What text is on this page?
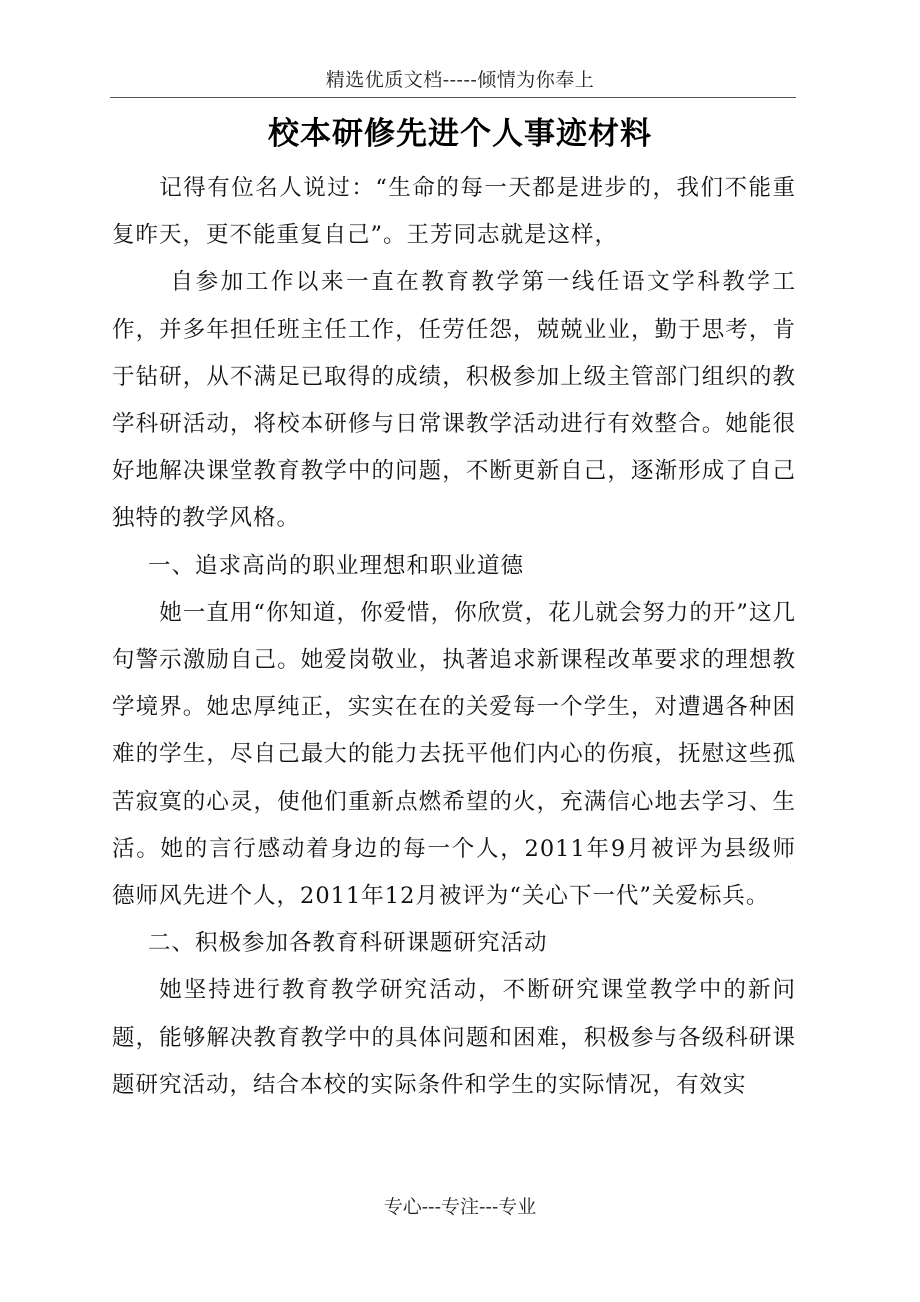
精选优质文档-----倾情为你奉上
校本研修先进个人事迹材料

记得有位名人说过：“生命的每一天都是进步的，我们不能重复昨天，更不能重复自己”。王芳同志就是这样，

自参加工作以来一直在教育教学第一线任语文学科教学工作，并多年担任班主任工作，任劳任怨，兢兢业业，勤于思考，肯于钻研，从不满足已取得的成绩，积极参加上级主管部门组织的教学科研活动，将校本研修与日常课教学活动进行有效整合。她能很好地解决课堂教育教学中的问题，不断更新自己，逐渐形成了自己独特的教学风格。

一、追求高尚的职业理想和职业道德

她一直用“你知道，你爱惜，你欣赏，花儿就会努力的开”这几句警示激励自己。她爱岗敬业，执著追求新课程改革要求的理想教学境界。她忠厚纯正，实实在在的关爱每一个学生，对遭遇各种困难的学生，尽自己最大的能力去抚平他们内心的伤痕，抚慰这些孤苦寂寞的心灵，使他们重新点燃希望的火，充满信心地去学习、生活。她的言行感动着身边的每一个人，2011年9月被评为县级师德师风先进个人，2011年12月被评为“关心下一代”关爱标兵。

二、积极参加各教育科研课题研究活动

她坚持进行教育教学研究活动，不断研究课堂教学中的新问题，能够解决教育教学中的具体问题和困难，积极参与各级科研课题研究活动，结合本校的实际条件和学生的实际情况，有效实

专心---专注---专业
